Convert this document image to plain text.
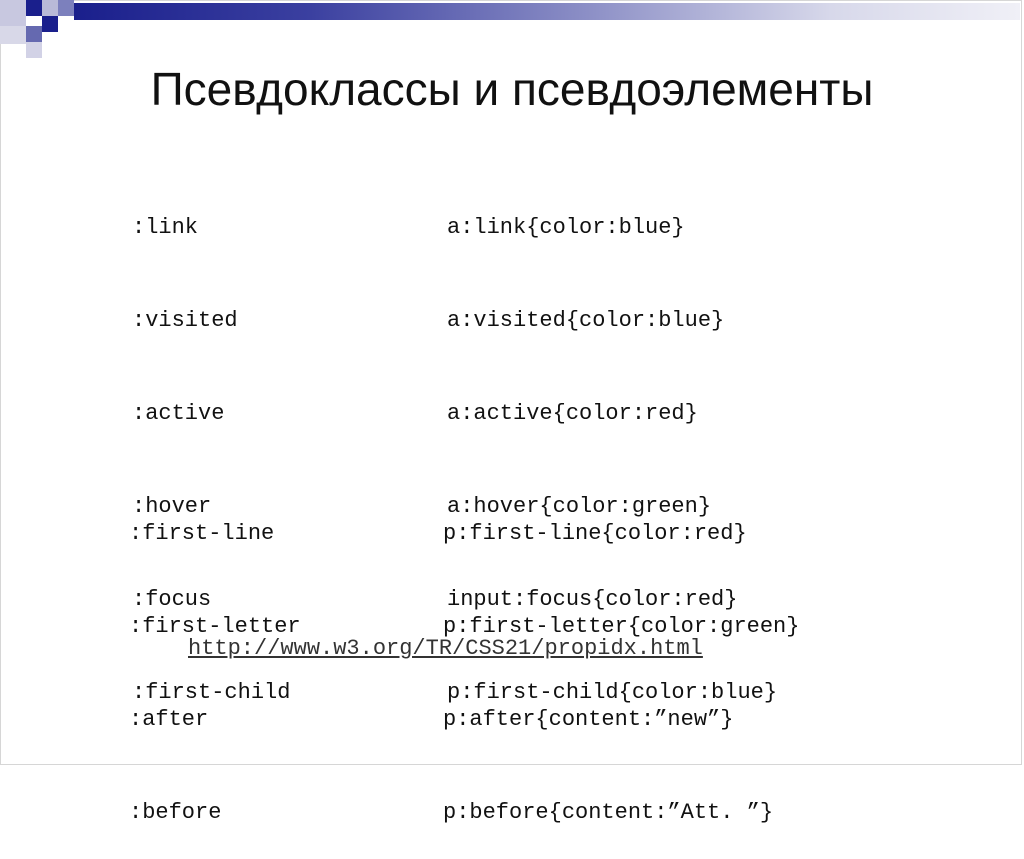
Псевдоклассы и псевдоэлементы

:link

:visited

:active

:hover

:focus

:first-child

a:link{color:blue}

a:visited{color:blue}

a:active{color:red}

a:hover{color:green}

input:focus{color:red}

p:first-child{color:blue}

:first-line

:first-letter

:after

:before

p:first-line{color:red}

p:first-letter{color:green}

p:after{content:”new”}

p:before{content:”Att. ”}

http://www.w3.org/TR/CSS21/propidx.html
